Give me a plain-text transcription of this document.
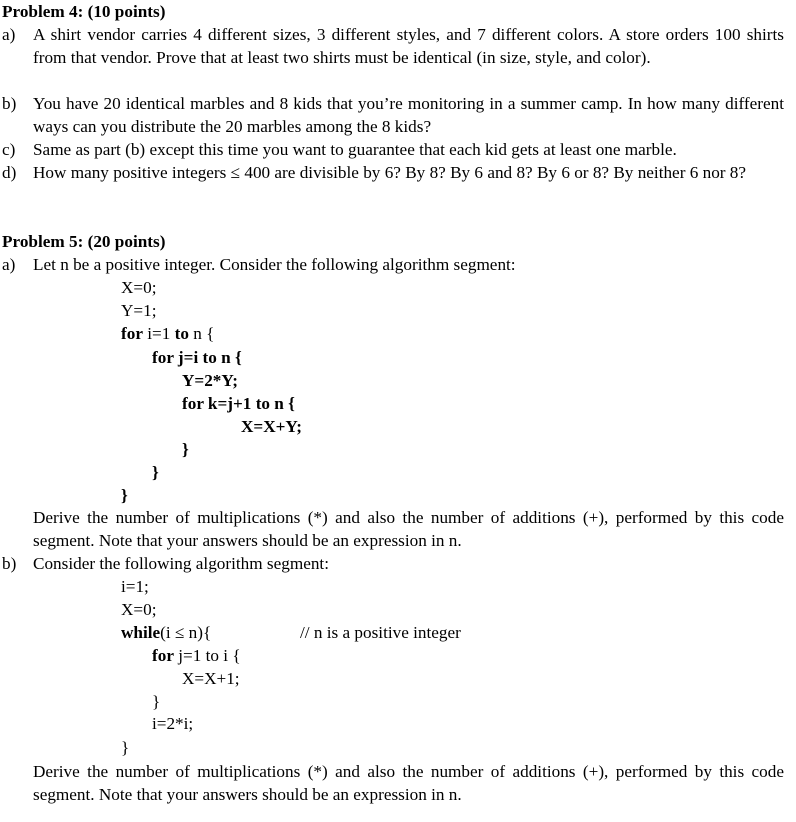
Problem 4: (10 points)
a) A shirt vendor carries 4 different sizes, 3 different styles, and 7 different colors. A store orders 100 shirts from that vendor. Prove that at least two shirts must be identical (in size, style, and color).
b) You have 20 identical marbles and 8 kids that you’re monitoring in a summer camp. In how many different ways can you distribute the 20 marbles among the 8 kids?
c) Same as part (b) except this time you want to guarantee that each kid gets at least one marble.
d) How many positive integers ≤ 400 are divisible by 6? By 8? By 6 and 8? By 6 or 8? By neither 6 nor 8?
Problem 5: (20 points)
a) Let n be a positive integer. Consider the following algorithm segment:
X=0;
Y=1;
for i=1 to n {
for j=i to n {
Y=2*Y;
for k=j+1 to n {
X=X+Y;
}
}
}
Derive the number of multiplications (*) and also the number of additions (+), performed by this code segment. Note that your answers should be an expression in n.
b) Consider the following algorithm segment:
i=1;
X=0;
while(i ≤ n){	// n is a positive integer
for j=1 to i {
X=X+1;
}
i=2*i;
}
Derive the number of multiplications (*) and also the number of additions (+), performed by this code segment. Note that your answers should be an expression in n.
